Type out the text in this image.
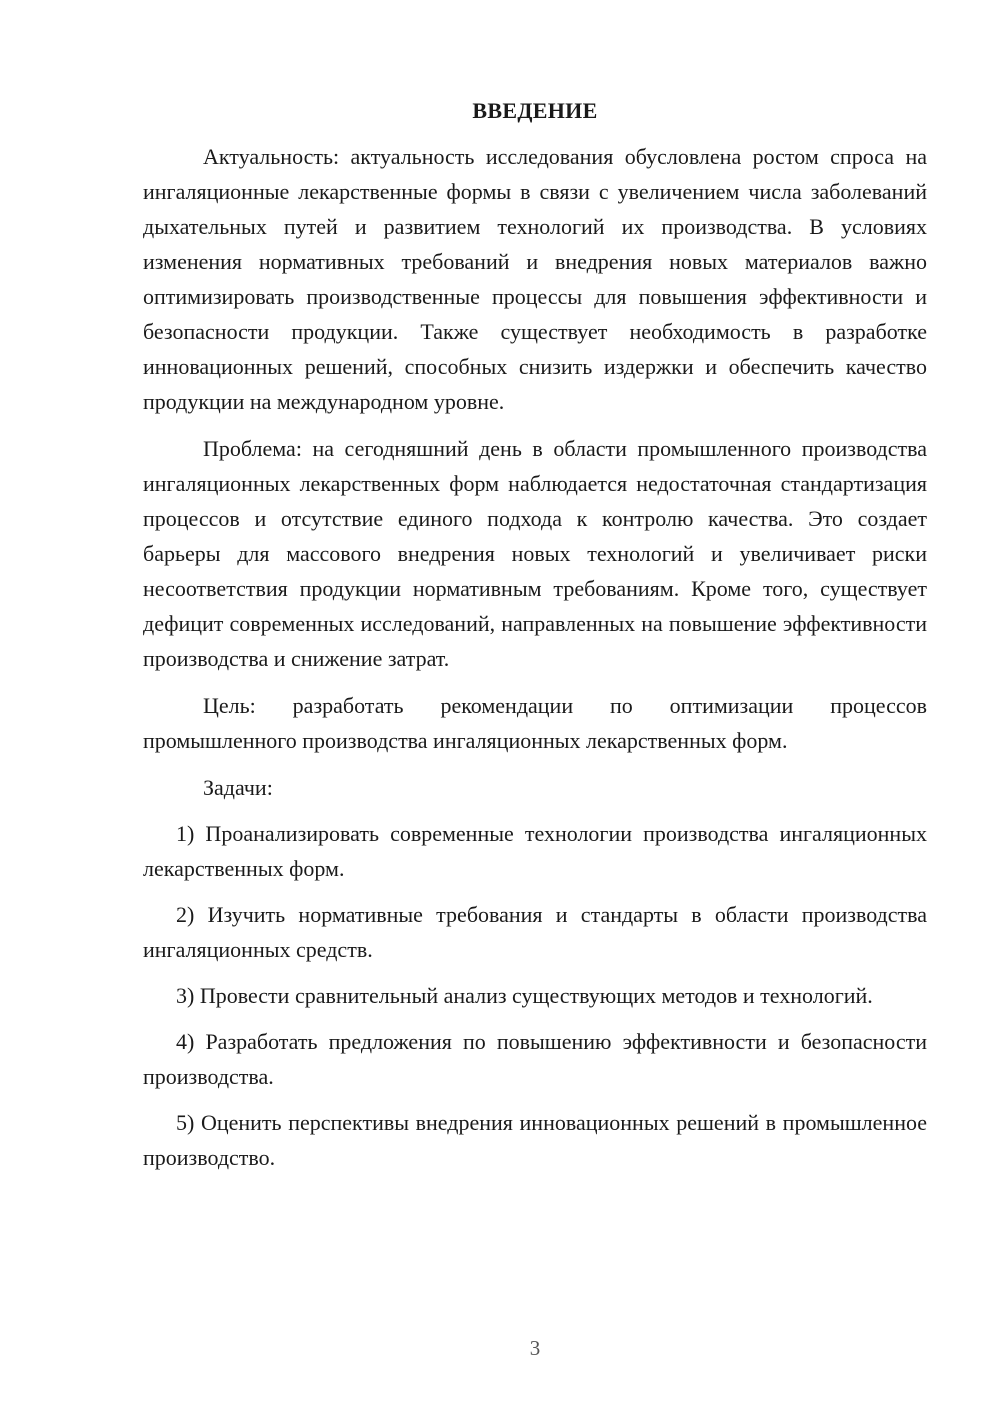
ВВЕДЕНИЕ

Актуальность: актуальность исследования обусловлена ростом спроса на ингаляционные лекарственные формы в связи с увеличением числа заболеваний дыхательных путей и развитием технологий их производства. В условиях изменения нормативных требований и внедрения новых материалов важно оптимизировать производственные процессы для повышения эффективности и безопасности продукции. Также существует необходимость в разработке инновационных решений, способных снизить издержки и обеспечить качество продукции на международном уровне.

Проблема: на сегодняшний день в области промышленного производства ингаляционных лекарственных форм наблюдается недостаточная стандартизация процессов и отсутствие единого подхода к контролю качества. Это создает барьеры для массового внедрения новых технологий и увеличивает риски несоответствия продукции нормативным требованиям. Кроме того, существует дефицит современных исследований, направленных на повышение эффективности производства и снижение затрат.

Цель: разработать рекомендации по оптимизации процессов промышленного производства ингаляционных лекарственных форм.

Задачи:

1) Проанализировать современные технологии производства ингаляционных лекарственных форм.

2) Изучить нормативные требования и стандарты в области производства ингаляционных средств.

3) Провести сравнительный анализ существующих методов и технологий.

4) Разработать предложения по повышению эффективности и безопасности производства.

5) Оценить перспективы внедрения инновационных решений в промышленное производство.

3
